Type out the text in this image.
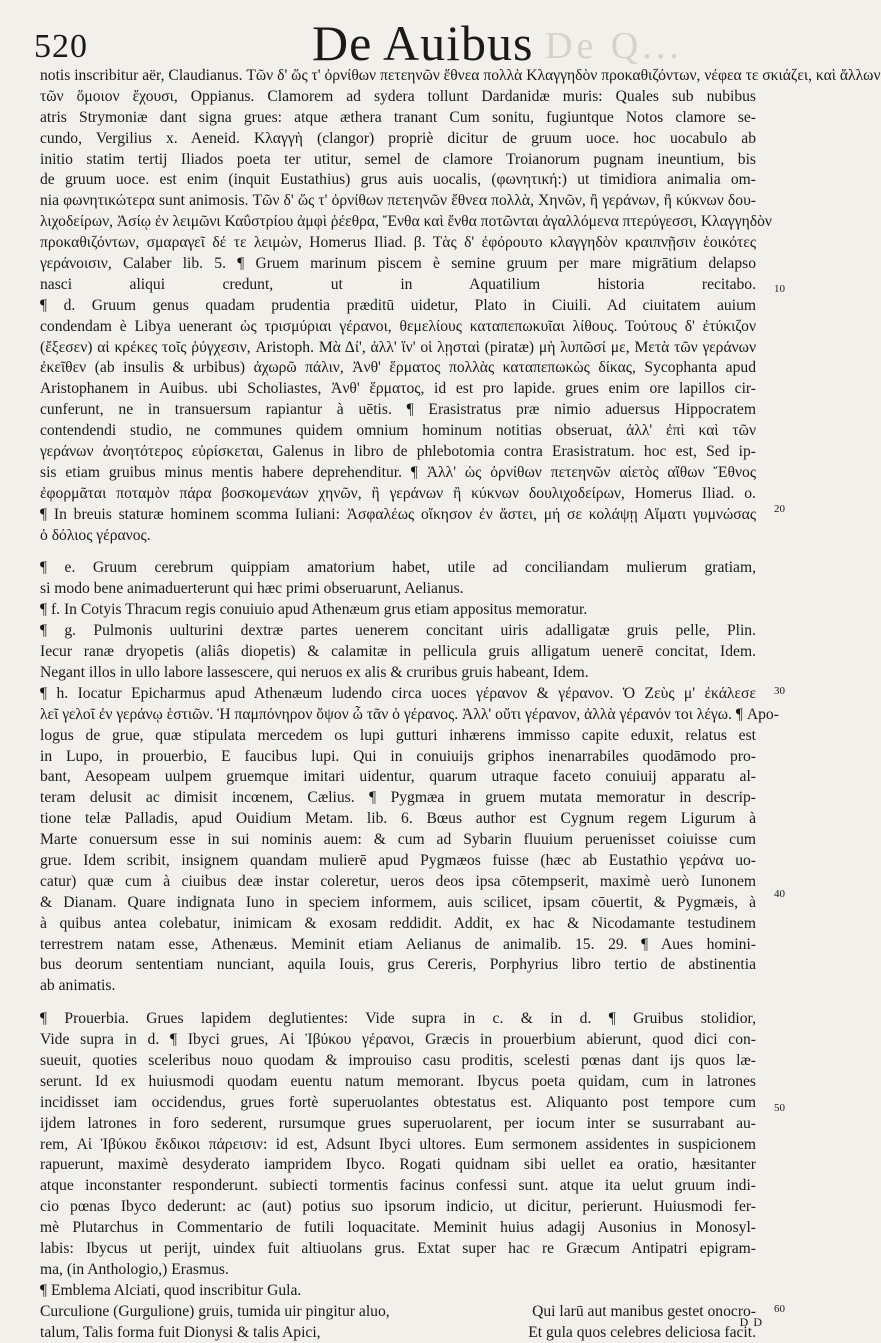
520	De Auibus De Q...
notis inscribitur aër, Claudianus. Τῶν δ' ὥς τ' ὀρνίθων πετεηνῶν ἔθνεα πολλὰ Κλαγγηδὸν προκαθιζόντων, νέφεα τε σκιάζει, καὶ ἄλλων
τῶν ὅμοιον ἔχουσι, Oppianus. Clamorem ad sydera tollunt Dardanidæ muris: Quales sub nubibus
atris Strymoniæ dant signa grues: atque æthera tranant Cum sonitu, fugiuntque Notos clamore se-
cundo, Vergilius x. Aeneid. Κλαγγὴ (clangor) propriè dicitur de gruum uoce. hoc uocabulo ab
initio statim tertij Iliados poeta ter utitur, semel de clamore Troianorum pugnam ineuntium, bis
de gruum uoce. est enim (inquit Eustathius) grus auis uocalis, (φωνητική:) ut timidiora animalia om-
nia φωνητικώτερα sunt animosis. Τῶν δ' ὥς τ' ὀρνίθων πετεηνῶν ἔθνεα πολλὰ, Χηνῶν, ἢ γεράνων, ἢ κύκνων δου-
λιχοδείρων, Ἀσίῳ ἐν λειμῶνι Καΰστρίου ἀμφὶ ῥέεθρα, Ἔνθα καὶ ἔνθα ποτῶνται ἀγαλλόμενα πτερύγεσσι, Κλαγγηδὸν
προκαθιζόντων, σμαραγεῖ δέ τε λειμὼν, Homerus Iliad. β. Τὰς δ' ἐφόρουτο κλαγγηδὸν κραιπνῇσιν ἑοικότες
γεράνοισιν, Calaber lib. 5. ¶ Gruem marinum piscem è semine gruum per mare migrātium delapso
nasci aliqui credunt, ut in Aquatilium historia recitabo.
¶ d. Gruum genus quadam prudentia præditū uidetur, Plato in Ciuili. Ad ciuitatem auium
condendam è Libya uenerant ὡς τρισμύριαι γέρανοι, θεμελίους καταπεπωκυῖαι λίθους. Τούτους δ' ἐτύκιζον
(ἔξεσεν) αἱ κρέκες τοῖς ῥύγχεσιν, Aristoph. Μὰ Δί', ἀλλ' ἵν' οἱ λῃσταὶ (piratæ) μὴ λυπῶσί με, Μετὰ τῶν γεράνων
ἐκεῖθεν (ab insulis & urbibus) ἀχωρῶ πάλιν, Ἀνθ' ἕρματος πολλὰς καταπεπωκὼς δίκας, Sycophanta apud
Aristophanem in Auibus. ubi Scholiastes, Ἀνθ' ἕρματος, id est pro lapide. grues enim ore lapillos cir-
cunferunt, ne in transuersum rapiantur à uētis. ¶ Erasistratus præ nimio aduersus Hippocratem
contendendi studio, ne communes quidem omnium hominum notitias obseruat, ἀλλ' ἐπὶ καὶ τῶν
γεράνων ἀνοητότερος εὑρίσκεται, Galenus in libro de phlebotomia contra Erasistratum. hoc est, Sed ip-
sis etiam gruibus minus mentis habere deprehenditur. ¶ Ἀλλ' ὡς ὀρνίθων πετεηνῶν αἰετὸς αἴθων Ἔθνος
ἐφορμᾶται ποταμὸν πάρα βοσκομενάων χηνῶν, ἢ γεράνων ἢ κύκνων δουλιχοδείρων, Homerus Iliad. o.
¶ In breuis staturæ hominem scomma Iuliani: Ἀσφαλέως οἴκησον ἐν ἄστει, μή σε κολάψῃ Αἵματι γυμνώσας
ὁ δόλιος γέρανος.
¶ e. Gruum cerebrum quippiam amatorium habet, utile ad conciliandam mulierum gratiam,
si modo bene animaduerterunt qui hæc primi obseruarunt, Aelianus.
¶ f. In Cotyis Thracum regis conuiuio apud Athenæum grus etiam appositus memoratur.
¶ g. Pulmonis uulturini dextræ partes uenerem concitant uiris adalligatæ gruis pelle, Plin.
Iecur ranæ dryopetis (aliâs diopetis) & calamitæ in pellicula gruis alligatum uenerē concitat, Idem.
Negant illos in ullo labore lassescere, qui neruos ex alis & cruribus gruis habeant, Idem.
¶ h. Iocatur Epicharmus apud Athenæum ludendo circa uoces γέρανον & γέρανον. Ὁ Ζεὺς μ' ἐκάλεσε
λεῖ γελοῖ ἐν γεράνῳ ἑστιῶν. Ἡ παμπόνηρον ὄψον ὦ τᾶν ὁ γέρανος. Ἀλλ' οὔτι γέρανον, ἀλλὰ γέρανόν τοι λέγω. ¶ Apo-
logus de grue, quæ stipulata mercedem os lupi gutturi inhærens immisso capite eduxit, relatus est
in Lupo, in prouerbio, E faucibus lupi. Qui in conuiuijs griphos inenarrabiles quodāmodo pro-
bant, Aesopeam uulpem gruemque imitari uidentur, quarum utraque faceto conuiuij apparatu al-
teram delusit ac dimisit incœnem, Cælius. ¶ Pygmæa in gruem mutata memoratur in descrip-
tione telæ Palladis, apud Ouidium Metam. lib. 6. Bœus author est Cygnum regem Ligurum à
Marte conuersum esse in sui nominis auem: & cum ad Sybarin fluuium peruenisset coiuisse cum
grue. Idem scribit, insignem quandam mulierē apud Pygmæos fuisse (hæc ab Eustathio γεράνα uo-
catur) quæ cum à ciuibus deæ instar coleretur, ueros deos ipsa cōtempserit, maximè uerò Iunonem
& Dianam. Quare indignata Iuno in speciem informem, auis scilicet, ipsam cōuertit, & Pygmæis, à
à quibus antea colebatur, inimicam & exosam reddidit. Addit, ex hac & Nicodamante testudinem
terrestrem natam esse, Athenæus. Meminit etiam Aelianus de animalib. 15. 29. ¶ Aues homini-
bus deorum sententiam nunciant, aquila Iouis, grus Cereris, Porphyrius libro tertio de abstinentia
ab animatis.
¶ Prouerbia. Grues lapidem deglutientes: Vide supra in c. & in d. ¶ Gruibus stolidior,
Vide supra in d. ¶ Ibyci grues, Αἱ Ἰβύκου γέρανοι, Græcis in prouerbium abierunt, quod dici con-
sueuit, quoties sceleribus nouo quodam & improuiso casu proditis, scelesti pœnas dant ijs quos læ-
serunt. Id ex huiusmodi quodam euentu natum memorant. Ibycus poeta quidam, cum in latrones
incidisset iam occidendus, grues fortè superuolantes obtestatus est. Aliquanto post tempore cum
ijdem latrones in foro sederent, rursumque grues superuolarent, per iocum inter se susurrabant au-
rem, Αἱ Ἰβύκου ἔκδικοι πάρεισιν: id est, Adsunt Ibyci ultores. Eum sermonem assidentes in suspicionem
rapuerunt, maximè desyderato iampridem Ibyco. Rogati quidnam sibi uellet ea oratio, hæsitanter
atque inconstanter responderunt. subiecti tormentis facinus confessi sunt. atque ita uelut gruum indi-
cio pœnas Ibyco dederunt: ac (aut) potius suo ipsorum indicio, ut dicitur, perierunt. Huiusmodi fer-
mè Plutarchus in Commentario de futili loquacitate. Meminit huius adagij Ausonius in Monosyl-
labis: Ibycus ut perijt, uindex fuit altiuolans grus. Extat super hac re Græcum Antipatri epigram-
ma, (in Anthologio,) Erasmus.
¶ Emblema Alciati, quod inscribitur Gula.
Curculione (Gurgulione) gruis, tumida uir pingitur aluo,	Qui larū aut manibus gestet onocro-
talum, Talis forma fuit Dionysi & talis Apici,	Et gula quos celebres deliciosa facit.
10
20
30
40
50
60
D D
